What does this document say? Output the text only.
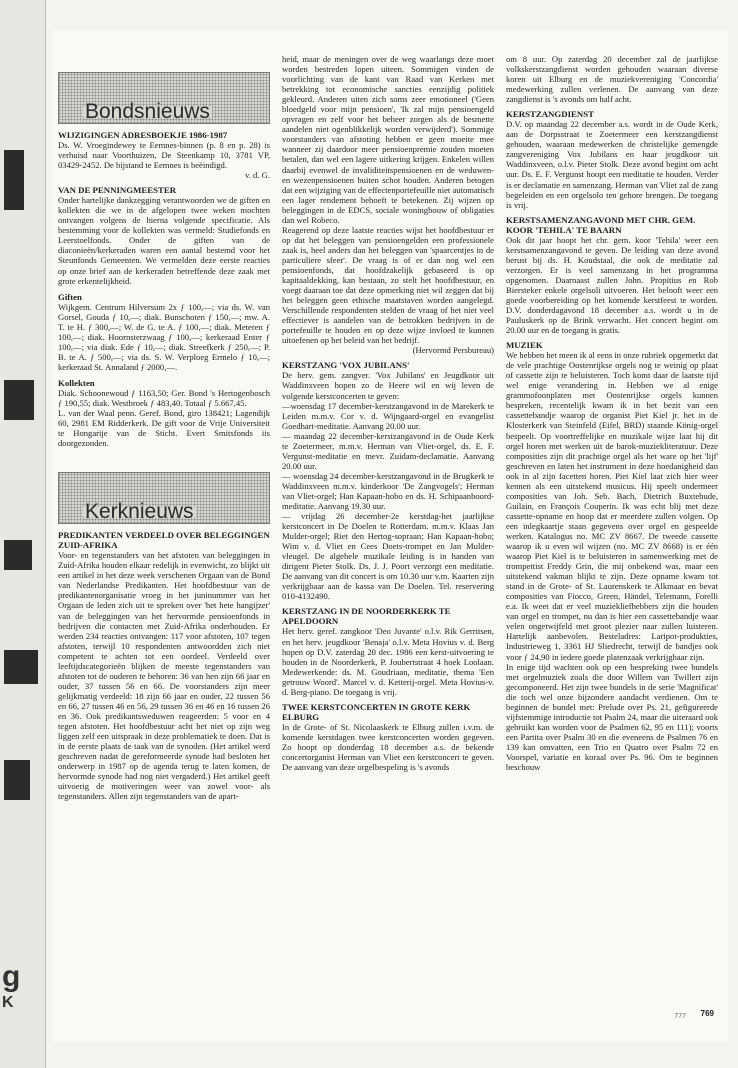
g
K
Bondsnieuws
WIJZIGINGEN ADRESBOEKJE 1986-1987

Ds. W. Vroegindewey te Eemnes-binnen (p. 8 en p. 28) is verhuisd naar Voorthuizen, De Steenkamp 10, 3781 VP, 03429-2452. De bijstand te Eemnes is beëindigd.

v. d. G.

VAN DE PENNINGMEESTER

Onder hartelijke dankzegging verantwoorden we de giften en kollekten die we in de afgelopen twee weken mochten ontvangen volgens de hierna volgende specificatie. Als bestemming voor de kollekten was vermeld: Studiefonds en Leerstoelfonds. Onder de giften van de diaconieën/kerkeraden waren een aantal bestemd voor het Steunfonds Gemeenten. We vermelden deze eerste reacties op onze brief aan de kerkeraden betreffende deze zaak met grote erkentelijkheid.

Giften

Wijkgem. Centrum Hilversum 2x ƒ 100,—; via ds. W. van Gorsel, Gouda ƒ 10,—; diak. Bunschoten ƒ 150,—; mw. A. T. te H. ƒ 300,—; W. de G. te A. ƒ 100,—; diak. Meteren ƒ 100,—; diak. Hoornsterzwaag ƒ 100,—; kerkeraad Enter ƒ 100,—; via diak. Ede ƒ 10,—; diak. Streefkerk ƒ 250,—; P. B. te A. ƒ 500,—; via ds. S. W. Verploeg Ermelo ƒ 10,—; kerkeraad St. Annaland ƒ 2000,—.

Kollekten

Diak. Schoonewoud ƒ 1163,50; Ger. Bond 's Hertogenbosch ƒ 190,55; diak. Westbroek ƒ 483,40. Totaal ƒ 5.667,45.

L. van der Waal penn. Geref. Bond, giro 138421; Lagendijk 60, 2981 EM Ridderkerk. De gift voor de Vrije Universiteit te Hongarije van de Sticht. Evert Smitsfonds iis doorgezonden.

Kerknieuws
PREDIKANTEN VERDEELD OVER BELEGGINGEN ZUID-AFRIKA

Voor- en tegenstanders van het afstoten van beleggingen in Zuid-Afrika houden elkaar redelijk in evenwicht, zo blijkt uit een artikel in het deze week verschenen Orgaan van de Bond van Nederlandse Predikanten. Het hoofdbestuur van de predikantenorganisatie vroeg in het juninummer van het Orgaan de leden zich uit te spreken over 'het hete hangijzer' van de beleggingen van het hervormde pensioenfonds in bedrijven die contacten met Zuid-Afrika onderhouden. Er werden 234 reacties ontvangen: 117 voor afstoten, 107 tegen afstoten, terwijl 10 respondenten antwoordden zich niet competent te achten tot een oordeel. Verdeeld over leeftijdscategorieën blijken de meeste tegenstanders van afstoten tot de ouderen te behoren: 36 van hen zijn 66 jaar en ouder, 37 tussen 56 en 66. De voorstanders zijn meer gelijkmatig verdeeld: 18 zijn 66 jaar en ouder, 22 tussen 56 en 66, 27 tussen 46 en 56, 29 tussen 36 en 46 en 16 tussen 26 en 36. Ook predikantsweduwen reageerden: 5 voor en 4 tegen afstoten. Het hoofdbestuur acht het niet op zijn weg liggen zelf een uitspraak in deze problematiek te doen. Dat is in de eerste plaats de taak van de synoden. (Het artikel werd geschreven nadat de gereformeerde synode had besloten het onderwerp in 1987 op de agenda terug te laten komen, de hervormde synode had nog niet vergaderd.) Het artikel geeft uitvoerig de motiveringen weer van zowel voor- als tegenstanders. Allen zijn tegenstanders van de apart-

heid, maar de meningen over de weg waarlangs deze moet worden bestreden lopen uiteen. Sommigen vinden de voorlichting van de kant van Raad van Kerken met betrekking tot economische sancties eenzijdig politiek gekleurd. Anderen uiten zich soms zeer emotioneel ('Geen bloedgeld voor mijn pensioen', 'Ik zal mijn pensioengeld opvragen en zelf voor het beheer zorgen als de besmette aandelen niet ogenblikkelijk worden verwijderd'). Sommige voorstanders van afstoting hebben er geen moeite mee wanneer zij daardoor meer pensioenpremie zouden moeten betalen, dan wel een lagere uitkering krijgen. Enkelen willen daarbij evenwel de invaliditeitspensioenen en de weduwen- en wezenpensioenen buiten schot houden. Anderen betogen dat een wijziging van de effectenportefeuille niet automatisch een lager rendement behoeft te betekenen. Zij wijzen op beleggingen in de EDCS, sociale woningbouw of obligaties dan wel Robeco.

Reagerend op deze laatste reacties wijst het hoofdbestuur er op dat het beleggen van pensioengelden een professionele zaak is, heel anders dan het beleggen van 'spaarcentjes in de particuliere sfeer'. De vraag is of er dan nog wel een pensioenfonds, dat hoofdzakelijk gebaseerd is op kapitaaldekking, kan bestaan, zo stelt het hoofdbestuur, en voegt daaraan toe dat deze opmerking niet wil zeggen dat bij het beleggen geen ethische maatstaven worden aangelegd. Verschillende respondenten stelden de vraag of het niet veel effectiever is aandelen van de betrokken bedrijven in de portefeuille te houden en op deze wijze invloed te kunnen uitoefenen op het beleid van het bedrijf.

(Hervormd Persbureau)

KERSTZANG 'VOX JUBILANS'

De herv. gem. zangver. 'Vox Jubilans' en Jeugdkoor uit Waddinxveen hopen zo de Heere wil en wij leven de volgende kerstconcerten te geven:

—woensdag 17 december-kerstzangavond in de Marekerk te Leiden m.m.v. Cor v. d. Wijngaard-orgel en evangelist Goedhart-meditatie. Aanvang 20.00 uur.

— maandag 22 december-kerstzangavond in de Oude Kerk te Zoetermeer, m.m.v. Herman van Vliet-orgel, ds. E. F. Vergunst-meditatie en mevr. Zuidam-declamatie. Aanvang 20.00 uur.

— woensdag 24 december-kerstzangavond in de Brugkerk te Waddinxveen m.m.v. kinderkoor 'De Zangvogels'; Herman van Vliet-orgel; Han Kapaan-hobo en ds. H. Schipaanboord-meditatie. Aanvang 19.30 uur.

— vrijdag 26 december-2e kerstdag-het jaarlijkse kerstconcert in De Doelen te Rotterdam. m.m.v. Klaas Jan Mulder-orgel; Riet den Hertog-sopraan; Han Kapaan-hobo; Wim v. d. Vliet en Cees Doets-trompet en Jan Mulder-vleugel. De algehele muzikale leiding is in handen van dirigent Pieter Stolk. Ds. J. J. Poort verzorgt een meditatie. De aanvang van dit concert is om 10.30 uur v.m. Kaarten zijn verkrijgbaar aan de kassa van De Doelen. Tel. reservering 010-4132490.

KERSTZANG IN DE NOORDERKERK TE APELDOORN

Het herv. geref. zangkoor 'Deo Juvante' o.l.v. Rik Gerritsen, en het herv. jeugdkoor 'Benaja' o.l.v. Meta Hovius v. d. Berg hopen op D.V. zaterdag 20 dec. 1986 een kerst-uitvoering te houden in de Noorderkerk, P. Joubertstraat 4 hoek Loolaan. Medewerkende: ds. M. Goudriaan, meditatie, thema 'Een getrouw Woord'. Marcel v. d. Ketterij-orgel. Meta Hovius-v. d. Berg-piano. De toegang is vrij.

TWEE KERSTCONCERTEN IN GROTE KERK ELBURG

In de Grote- of St. Nicolaaskerk te Elburg zullen i.v.m. de komende kerstdagen twee kerstconcerten worden gegeven. Zo hoopt op donderdag 18 december a.s. de bekende concertorganist Herman van Vliet een kerstconcert te geven. De aanvang van deze orgelbespeling is 's avonds

om 8 uur. Op zaterdag 20 december zal de jaarlijkse volkskerstzangdienst worden gehouden waaraan diverse koren uit Elburg en de muziekvereniging 'Concordia' medewerking zullen verlenen. De aanvang van deze zangdienst is 's avonds om half acht.

KERSTZANGDIENST

D.V. op maandag 22 december a.s. wordt in de Oude Kerk, aan de Dorpsstraat te Zoetermeer een kerstzangdienst gehouden, waaraan medewerken de christelijke gemengde zangvereniging Vox Jubilans en haar jeugdkoor uit Waddinxveen, o.l.v. Pieter Stolk. Deze avond begint om acht uur. Ds. E. F. Vergunst hoopt een meditatie te houden. Verder is er declamatie en samenzang. Herman van Vliet zal de zang begeleiden en een orgelsolo ten gehore brengen. De toegang is vrij.

KERSTSAMENZANGAVOND MET CHR. GEM. KOOR 'TEHILA' TE BAARN

Ook dit jaar hoopt het chr. gem. koor 'Tehila' weer een kerstsamenzangavond te geven. De leiding van deze avond berust bij ds. H. Koudstaal, die ook de meditatie zal verzorgen. Er is veel samenzang in het programma opgenomen. Daarnaast zullen John. Propitius en Rob Biersteker enkele orgelsoli uitvoeren. Het belooft weer een goede voorbereiding op het komende kerstfeest te worden. D.V. donderdagavond 18 december a.s. wordt u in de Pauluskerk op de Brink verwacht. Het concert begint om 20.00 uur en de toegang is gratis.

MUZIEK

We hebben het meen ik al eens in onze rubriek opgemerkt dat de vele prachtige Oostenrijkse orgels nog te weinig op plaat of cassette zijn te beluisteren. Toch komt daar de laatste tijd wel enige verandering in. Hebben we al enige grammofoonplaten met Oostenrijkse orgels kunnen bespreken, recentelijk kwam ik in het bezit van een cassettebandje waarop de organist Piet Kiel jr. het in de Klosterkerk van Steinfeld (Eifel, BRD) staande König-orgel bespeelt. Op voortreffelijke en muzikale wijze laat hij dit orgel horen met werken uit de barok-muziekliteratuur. Deze composities zijn dit prachtige orgel als het ware op het 'lijf' geschreven en laten het instrument in deze hoedanigheid dan ook in al zijn facetten horen. Piet Kiel laat zich hier weer kennen als een uitstekend musicus. Hij speelt ondermeer composities van Joh. Seb. Bach, Dietrich Buxtehude, Guilain, en François Couperin. Ik was echt blij met deze cassette-opname en hoop dat er meerdere zullen volgen. Op een inlegkaartje staan gegevens over orgel en gespeelde werken. Katalogus no. MC ZV 8667. De tweede cassette waarop ik u even wil wijzen (no. MC ZV 8668) is er één waarop Piet Kiel is te beluisteren in samenwerking met de trompettist Freddy Grin, die mij onbekend was, maar een uitstekend vakman blijkt te zijn. Deze opname kwam tot stand in de Grote- of St. Laurenskerk te Alkmaar en bevat composities van Fiocco, Green, Händel, Telemann, Forelli e.a. Ik weet dat er veel muziekliefhebbers zijn die houden van orgel en trompet, nu dan is hier een cassettebandje waar velen ongetwijfeld met groot plezier naar zullen luisteren. Hartelijk aanbevolen. Besteladres: Laripot-produkties, Industrieweg 1, 3361 HJ Sliedrecht, terwijl de bandjes ook voor ƒ 24,90 in iedere goede platenzaak verkrijgbaar zijn.

In enige tijd wachten ook op een bespreking twee bundels met orgelmuziek zoals die door Willem van Twillert zijn gecomponeerd. Het zijn twee bundels in de serie 'Magnificat' die toch wel onze bijzondere aandacht verdienen. Om te beginnen de bundel met: Prelude over Ps. 21, gefigureerde vijfstemmige introductie tot Psalm 24, maar die uiteraard ook gebruikt kan worden voor de Psalmen 62, 95 en 111); voorts een Partita over Psalm 30 en die eveneens de Psalmen 76 en 139 kan omvatten, een Trio en Quatro over Psalm 72 en Voorspel, variatie en koraal over Ps. 96. Om te beginnen beschouw

777 769
